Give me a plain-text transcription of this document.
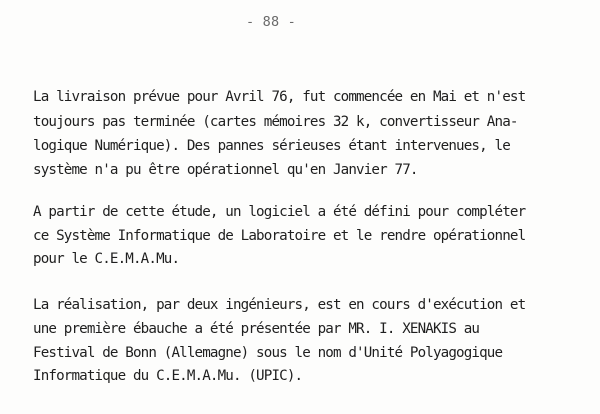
- 88 -
La livraison prévue pour Avril 76, fut commencée en Mai et n'est
toujours pas terminée (cartes mémoires 32 k, convertisseur Ana-
logique Numérique). Des pannes sérieuses étant intervenues, le
système n'a pu être opérationnel qu'en Janvier 77.
A partir de cette étude, un logiciel a été défini pour compléter
ce Système Informatique de Laboratoire et le rendre opérationnel
pour le C.E.M.A.Mu.
La réalisation, par deux ingénieurs, est en cours d'exécution et
une première ébauche a été présentée par MR. I. XENAKIS au
Festival de Bonn (Allemagne) sous le nom d'Unité Polyagogique
Informatique du C.E.M.A.Mu. (UPIC).
